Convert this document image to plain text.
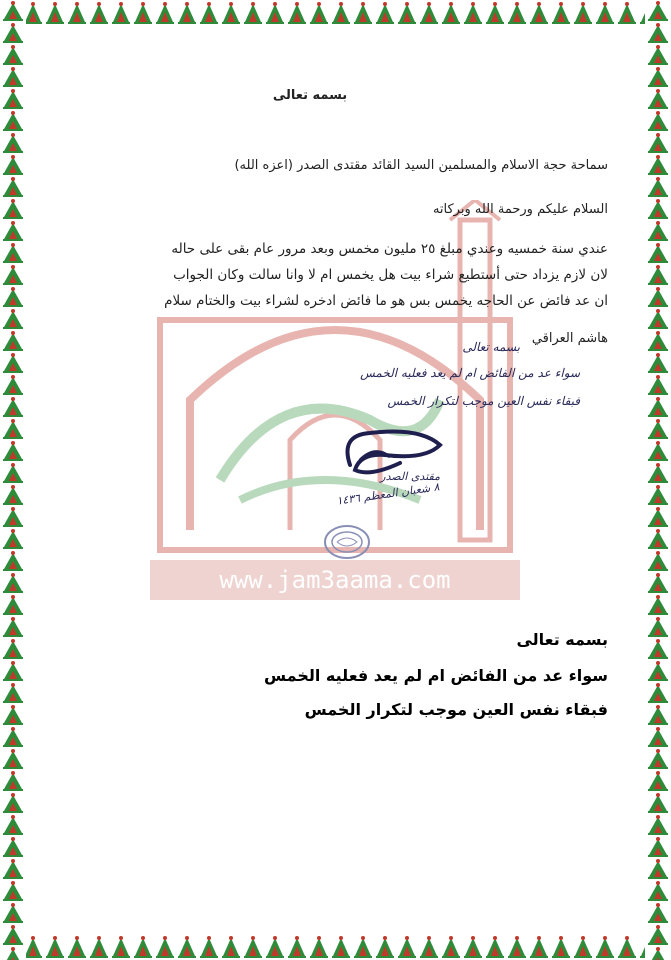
www.jam3aama.com
بسمه تعالى
سماحة حجة الاسلام والمسلمين السيد القائد مقتدى الصدر (اعزه الله)
السلام عليكم ورحمة الله وبركاته
عندي سنة خمسيه وعندي مبلغ ٢٥ مليون مخمس وبعد مرور عام بقى على حاله
لان لازم يزداد حتى أستطيع شراء بيت هل يخمس ام لا وانا سالت وكان الجواب
ان عد فائض عن الحاجه يخمس بس هو ما فائض ادخره لشراء بيت والختام سلام
هاشم العراقي
بسمه تعالى
سواء عد من الفائض ام لم يعد فعليه الخمس
فبقاء نفس العين موجب لتكرار الخمس
مقتدى الصدر
٨ شعبان المعظم ١٤٣٦
بسمه تعالى
سواء عد من الفائض ام لم يعد فعليه الخمس
فبقاء نفس العين موجب لتكرار الخمس
